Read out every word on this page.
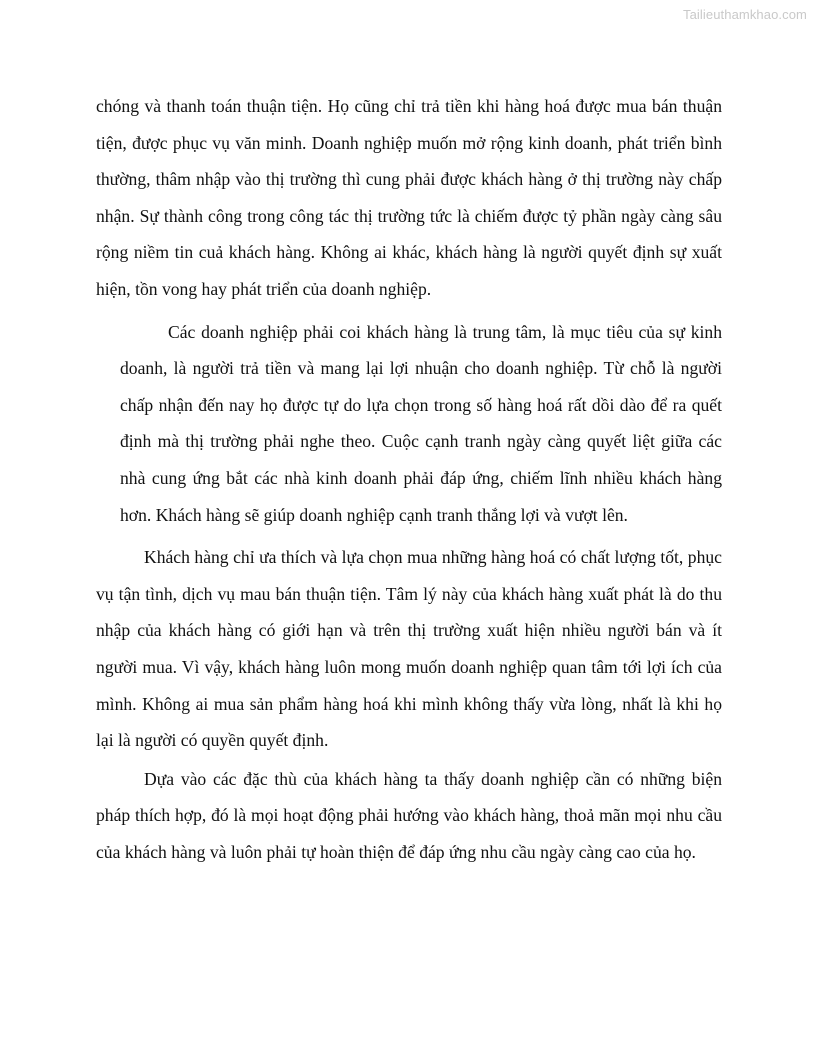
Tailieuthamkhao.com

chóng và thanh toán thuận tiện. Họ cũng chỉ trả tiền khi hàng hoá được mua bán thuận tiện, được phục vụ văn minh. Doanh nghiệp muốn mở rộng kinh doanh, phát triển bình thường, thâm nhập vào thị trường thì cung phải được khách hàng ở thị trường này chấp nhận. Sự thành công trong công tác thị trường tức là chiếm được tỷ phần ngày càng sâu rộng niềm tin cuả khách hàng. Không ai khác, khách hàng là người quyết định sự xuất hiện, tồn vong hay phát triển của doanh nghiệp.

Các doanh nghiệp phải coi khách hàng là trung tâm, là mục tiêu của sự kinh doanh, là người trả tiền và mang lại lợi nhuận cho doanh nghiệp. Từ chỗ là người chấp nhận đến nay họ được tự do lựa chọn trong số hàng hoá rất dồi dào để ra quết định mà thị trường phải nghe theo. Cuộc cạnh tranh ngày càng quyết liệt giữa các nhà cung ứng bắt các nhà kinh doanh phải đáp ứng, chiếm lĩnh nhiều khách hàng hơn. Khách hàng sẽ giúp doanh nghiệp cạnh tranh thắng lợi và vượt lên.

Khách hàng chỉ ưa thích và lựa chọn mua những hàng hoá có chất lượng tốt, phục vụ tận tình, dịch vụ mau bán thuận tiện. Tâm lý này của khách hàng xuất phát là do thu nhập của khách hàng có giới hạn và trên thị trường xuất hiện nhiều người bán và ít người mua. Vì vậy, khách hàng luôn mong muốn doanh nghiệp quan tâm tới lợi ích của mình. Không ai mua sản phẩm hàng hoá khi mình không thấy vừa lòng, nhất là khi họ lại là người có quyền quyết định.

Dựa vào các đặc thù của khách hàng ta thấy doanh nghiệp cần có những biện pháp thích hợp, đó là mọi hoạt động phải hướng vào khách hàng, thoả mãn mọi nhu cầu của khách hàng và luôn phải tự hoàn thiện để đáp ứng nhu cầu ngày càng cao của họ.
